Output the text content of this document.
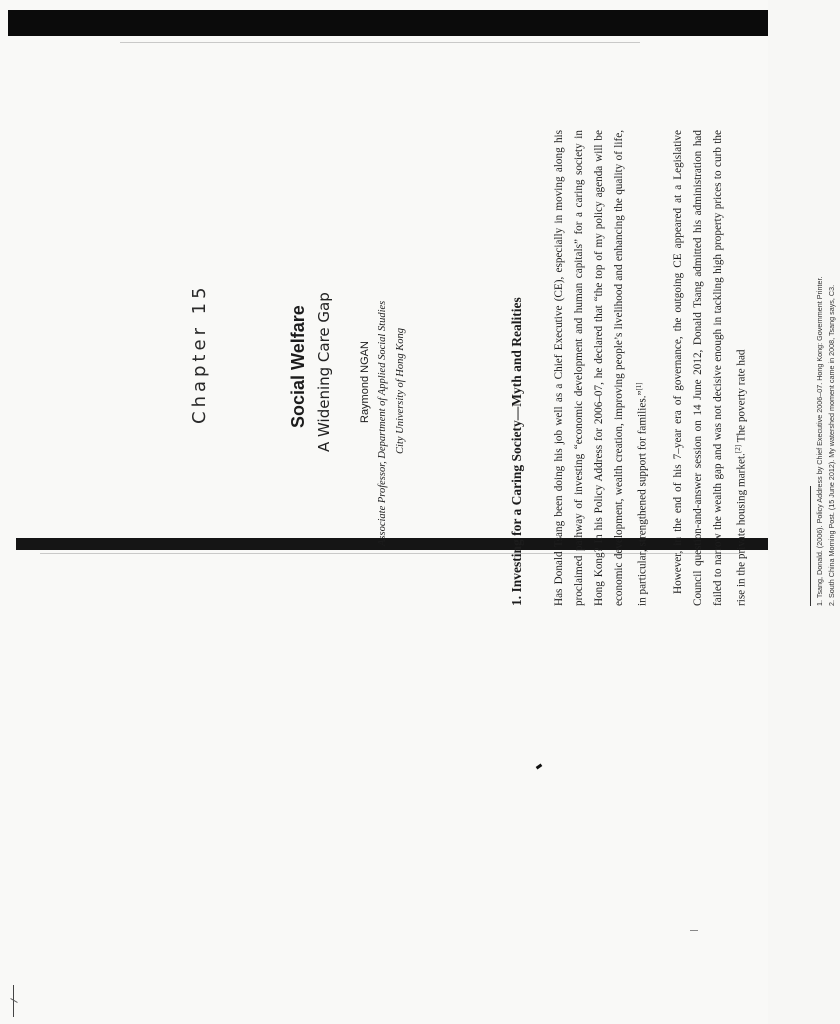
Chapter 15	Social Welfare A Widening Care Gap Raymond NGAN Associate Professor, Department of Applied Social Studies City University of Hong Kong	1. Investing for a Caring Society—Myth and Realities	Has Donald Tsang been doing his job well as a Chief Executive (CE), especially in moving along his proclaimed pathway of investing “economic development and human capitals” for a caring society in Hong Kong? In his Policy Address for 2006–07, he declared that “the top of my policy agenda will be economic development, wealth creation, improving people’s livelihood and enhancing the quality of life, in particular, strengthened support for families.”[1]	However, in the end of his 7–year era of governance, the outgoing CE appeared at a Legislative Council question-and-answer session on 14 June 2012, Donald Tsang admitted his administration had failed to narrow the wealth gap and was not decisive enough in tackling high property prices to curb the rise in the private housing market.[2] The poverty rate had	1. Tsang, Donald. (2006). Policy Address by Chief Executive 2006–07. Hong Kong: Government Printer. 2. South China Morning Post. (15 June 2012). My watershed moment came in 2008, Tsang says, C3.
